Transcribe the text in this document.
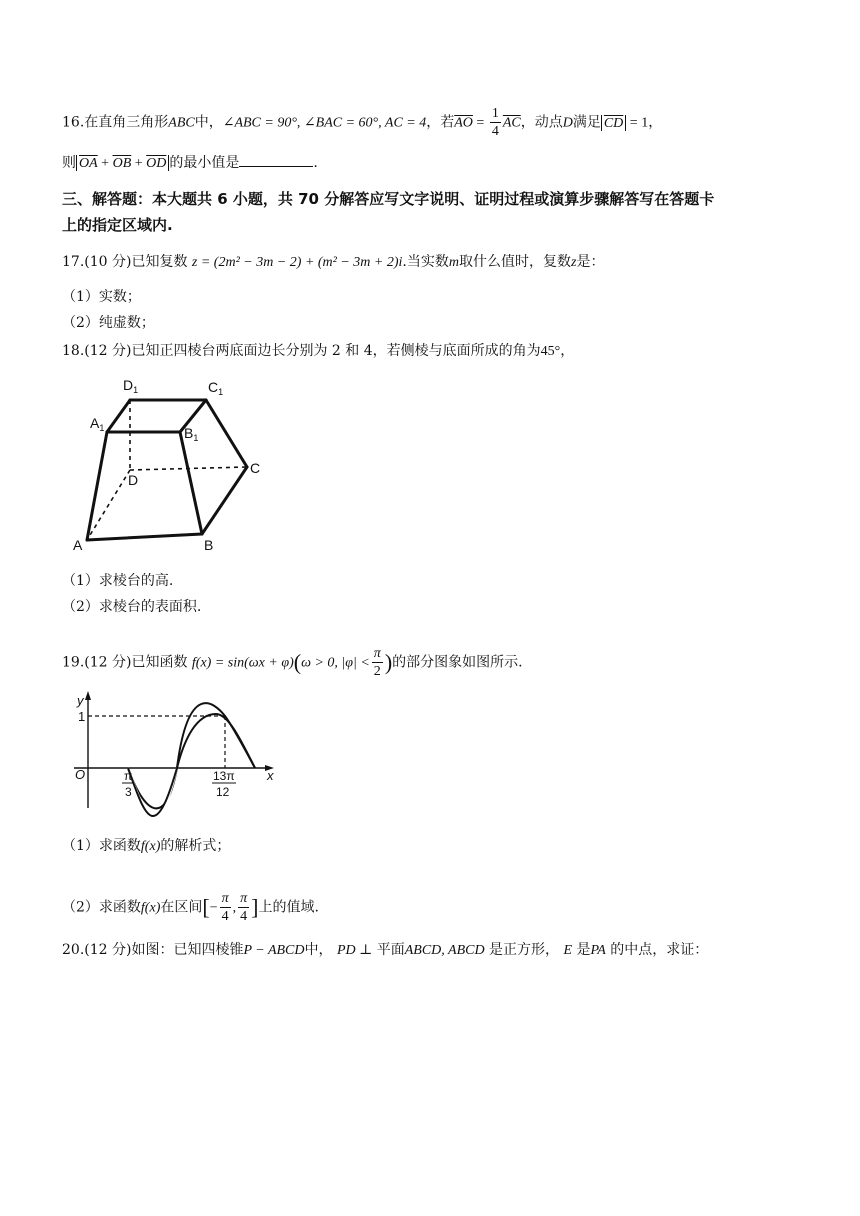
16.在直角三角形ABC中，∠ABC = 90°, ∠BAC = 60°, AC = 4，若$\overline{AO} = \frac{1}{4} \overline{AC}$，动点D满足 $\overline{CD} = 1$，
则 $\overline{OA} + \overline{OB} + \overline{OD}$ 的最小值是	.
三、解答题：本大题共 6 小题，共 70 分解答应写文字说明、证明过程或演算步骤解答写在答题卡
上的指定区域内.
17.(10 分)已知复数 z = (2m² − 3m − 2) + (m² − 3m + 2)i.当实数m取什么值时，复数z是：
（1）实数；
（2）纯虚数；
18.(12 分)已知正四棱台两底面边长分别为 2 和 4，若侧棱与底面所成的角为45°，
$D_1$	$C_1$
$A_1$	$B_1$
D
C
A	B
（1）求棱台的高.
（2）求棱台的表面积.
19.(12 分)已知函数 f(x) = sin(ωx + φ)(ω > 0, $|\varphi| < \frac{\pi}{2}$ )的部分图象如图所示.
y
1
O	x
π
3
13π
12
（1）求函数f(x)的解析式；
（2）求函数f(x)在区间[− $\frac{\pi}{4}$ , $\frac{\pi}{4}$ ]上的值域.
20.(12 分)如图：已知四棱锥P − ABCD中， PD ⊥ 平面ABCD, ABCD 是正方形， E 是PA 的中点，求证：
